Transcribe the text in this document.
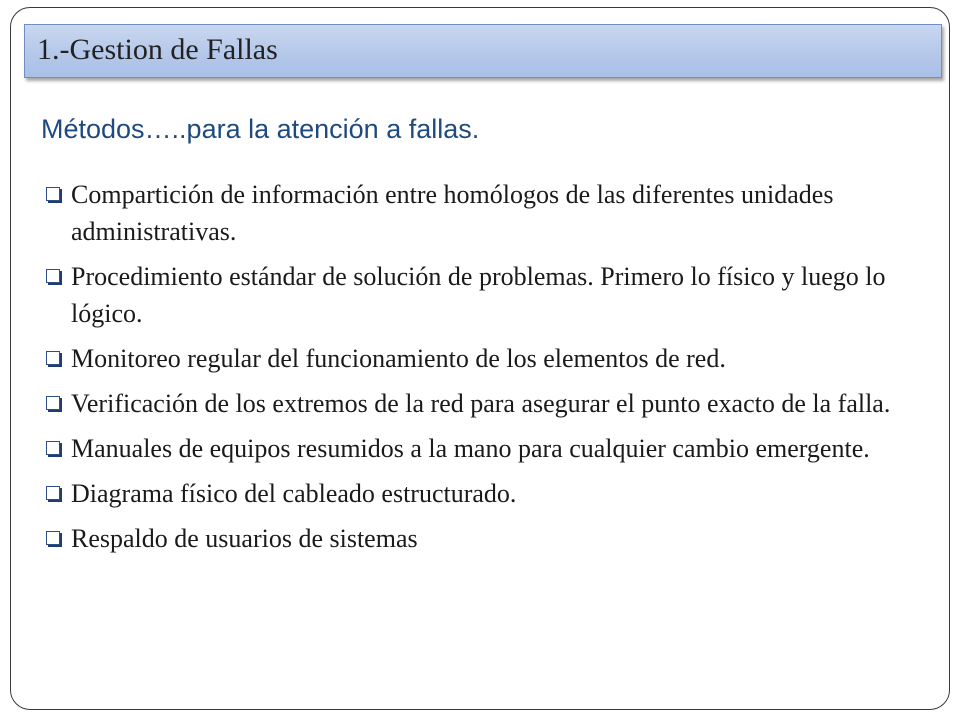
1.-Gestion de Fallas
Métodos…..para la atención a fallas.
Compartición de información entre homólogos de las diferentes unidades administrativas.
Procedimiento estándar de solución de problemas. Primero lo físico y luego lo lógico.
Monitoreo regular del funcionamiento de los elementos de red.
Verificación de los extremos de la red para asegurar el punto exacto de la falla.
Manuales de equipos resumidos a la mano para cualquier cambio emergente.
Diagrama físico del cableado estructurado.
Respaldo de usuarios de sistemas
